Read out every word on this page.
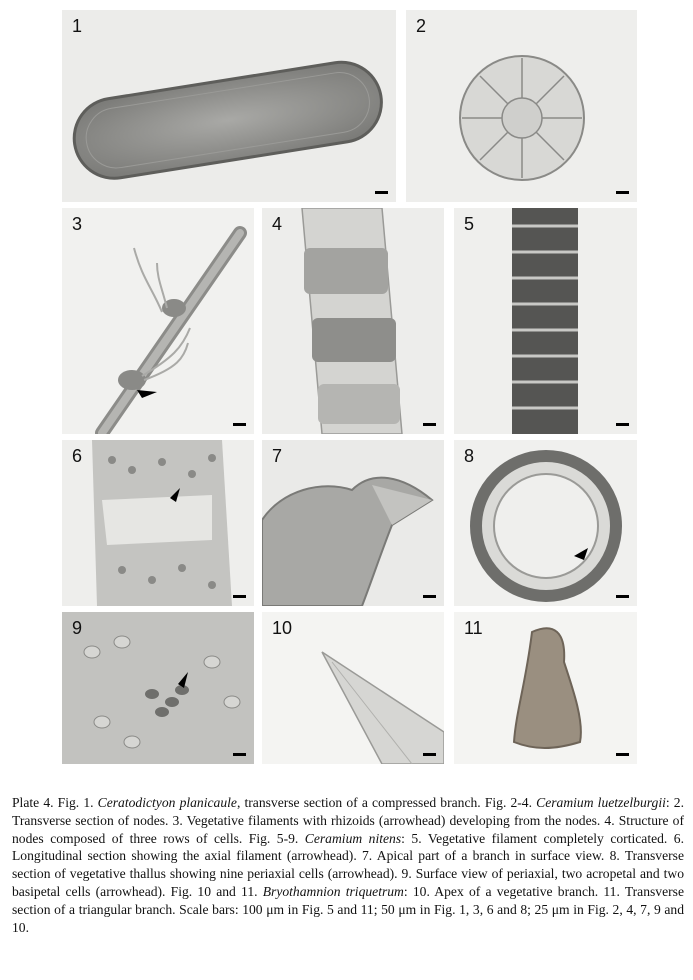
1	2
3	4	5
6	7	8
9	10	11
Plate 4. Fig. 1. Ceratodictyon planicaule, transverse section of a compressed branch. Fig. 2-4. Ceramium luetzelburgii: 2. Transverse section of nodes. 3. Vegetative filaments with rhizoids (arrowhead) developing from the nodes. 4. Structure of nodes composed of three rows of cells. Fig. 5-9. Ceramium nitens: 5. Vegetative filament completely corticated. 6. Longitudinal section showing the axial filament (arrowhead). 7. Apical part of a branch in surface view. 8. Transverse section of vegetative thallus showing nine periaxial cells (arrowhead). 9. Surface view of periaxial, two acropetal and two basipetal cells (arrowhead). Fig. 10 and 11. Bryothamnion triquetrum: 10. Apex of a vegetative branch. 11. Transverse section of a triangular branch. Scale bars: 100 μm in Fig. 5 and 11; 50 μm in Fig. 1, 3, 6 and 8; 25 μm in Fig. 2, 4, 7, 9 and 10.
